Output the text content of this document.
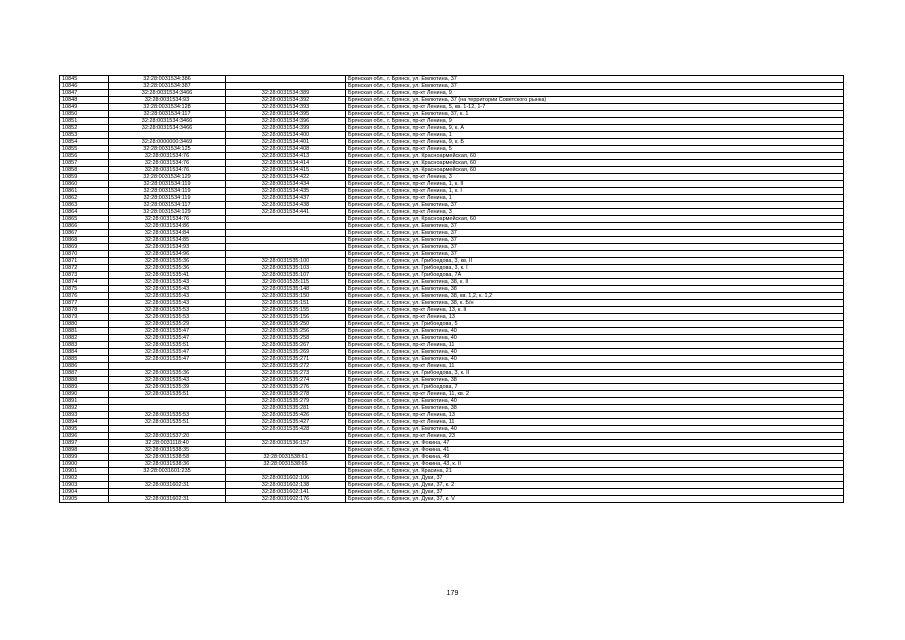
10845	32:28:0031534:386		Брянская обл., г. Брянск, ул. Емлютина, 37
10846	32:28:0031534:387		Брянская обл., г. Брянск, ул. Емлютина, 37
10847	32:28:0031534:3466	32:28:0031534:389	Брянская обл., г. Брянск, пр-кт Ленина, 9
10848	32:28:0031534:93	32:28:0031534:392	Брянская обл., г. Брянск, ул. Емлютина, 37 (на территории Советского рынка)
10849	32:28:0031534:128	32:28:0031534:393	Брянская обл., г. Брянск, пр-кт Ленина, 5, кв. 1-12, 1-7
10850	32:28:0031534:117	32:28:0031534:395	Брянская обл., г. Брянск, ул. Емлютина, 37, к. 1
10851	32:28:0031534:3466	32:28:0031534:396	Брянская обл., г. Брянск, пр-кт Ленина, 9
10852	32:28:0031534:3466	32:28:0031534:399	Брянская обл., г. Брянск, пр-кт Ленина, 9, к. А
10853		32:28:0031534:400	Брянская обл., г. Брянск, пр-кт Ленина, 1
10854	32:28:0000000:3469	32:28:0031534:401	Брянская обл., г. Брянск, пр-кт Ленина, 9, к. Б
10855	32:28:0031534:125	32:28:0031534:408	Брянская обл., г. Брянск, пр-кт Ленина, 5
10856	32:28:0031534:76	32:28:0031534:413	Брянская обл., г. Брянск, ул. Красноармейская, 60
10857	32:28:0031534:76	32:28:0031534:414	Брянская обл., г. Брянск, ул. Красноармейская, 60
10858	32:28:0031534:76	32:28:0031534:415	Брянская обл., г. Брянск, ул. Красноармейская, 60
10859	32:28:0031534:129	32:28:0031534:422	Брянская обл., г. Брянск, пр-кт Ленина, 3
10860	32:28:0031534:119	32:28:0031534:434	Брянская обл., г. Брянск, пр-кт Ленина, 1, к. II
10861	32:28:0031534:119	32:28:0031534:435	Брянская обл., г. Брянск, пр-кт Ленина, 1, к. I
10862	32:28:0031534:119	32:28:0031534:437	Брянская обл., г. Брянск, пр-кт Ленина, 1
10863	32:28:0031534:117	32:28:0031534:438	Брянская обл., г. Брянск, ул. Емлютина, 37
10864	32:28:0031534:129	32:28:0031534:441	Брянская обл., г. Брянск, пр-кт Ленина, 3
10865	32:28:0031534:76		Брянская обл., г. Брянск, ул. Красноармейская, 60
10866	32:28:0031534:86		Брянская обл., г. Брянск, ул. Емлютина, 37
10867	32:28:0031534:84		Брянская обл., г. Брянск, ул. Емлютина, 37
10868	32:28:0031534:85		Брянская обл., г. Брянск, ул. Емлютина, 37
10869	32:28:0031534:93		Брянская обл., г. Брянск, ул. Емлютина, 37
10870	32:28:0031534:96		Брянская обл., г. Брянск, ул. Емлютина, 37
10871	32:28:0031535:36	32:28:0031535:100	Брянская обл., г. Брянск, ул. Грибоедова, 3, кв. II
10872	32:28:0031535:36	32:28:0031535:103	Брянская обл., г. Брянск, ул. Грибоедова, 3, к. I
10873	32:28:0031535:41	32:28:0031535:107	Брянская обл., г. Брянск, ул. Грибоедова, 7А
10874	32:28:0031535:43	32:28:0031535:115	Брянская обл., г. Брянск, ул. Емлютина, 38, к. II
10875	32:28:0031535:43	32:28:0031535:148	Брянская обл., г. Брянск, ул. Емлютина, 38
10876	32:28:0031535:43	32:28:0031535:150	Брянская обл., г. Брянск, ул. Емлютина, 38, кв. 1,2, к. 1,2
10877	32:28:0031535:43	32:28:0031535:151	Брянская обл., г. Брянск, ул. Емлютина, 38, к. Б/н
10878	32:28:0031535:53	32:28:0031535:155	Брянская обл., г. Брянск, пр-кт Ленина, 13, к. II
10879	32:28:0031535:53	32:28:0031535:156	Брянская обл., г. Брянск, пр-кт Ленина, 13
10880	32:28:0031535:29	32:28:0031535:250	Брянская обл., г. Брянск, ул. Грибоедова, 5
10881	32:28:0031535:47	32:28:0031535:256	Брянская обл., г. Брянск, ул. Емлютина, 40
10882	32:28:0031535:47	32:28:0031535:258	Брянская обл., г. Брянск, ул. Емлютина, 40
10883	32:28:0031535:51	32:28:0031535:267	Брянская обл., г. Брянск, пр-кт Ленина, 11
10884	32:28:0031535:47	32:28:0031535:269	Брянская обл., г. Брянск, ул. Емлютина, 40
10885	32:28:0031535:47	32:28:0031535:271	Брянская обл., г. Брянск, ул. Емлютина, 40
10886		32:28:0031535:272	Брянская обл., г. Брянск, пр-кт Ленина, 11
10887	32:28:0031535:36	32:28:0031535:273	Брянская обл., г. Брянск, ул. Грибоедова, 3, к. II
10888	32:28:0031535:43	32:28:0031535:274	Брянская обл., г. Брянск, ул. Емлютина, 38
10889	32:28:0031535:39	32:28:0031535:276	Брянская обл., г. Брянск, ул. Грибоедова, 7
10890	32:28:0031535:51	32:28:0031535:278	Брянская обл., г. Брянск, пр-кт Ленина, 11, кв. 2
10891		32:28:0031535:279	Брянская обл., г. Брянск, ул. Емлютина, 40
10892		32:28:0031535:281	Брянская обл., г. Брянск, ул. Емлютина, 38
10893	32:28:0031535:53	32:28:0031535:426	Брянская обл., г. Брянск, пр-кт Ленина, 13
10894	32:28:0031535:51	32:28:0031535:427	Брянская обл., г. Брянск, пр-кт Ленина, 11
10895		32:28:0031535:428	Брянская обл., г. Брянск, ул. Емлютина, 40
10896	32:28:0031537:20		Брянская обл., г. Брянск, пр-кт Ленина, 23
10897	32:28:0031118:40	32:28:0031536:157	Брянская обл., г. Брянск, ул. Фокина, 47
10898	32:28:0031538:35		Брянская обл., г. Брянск, ул. Фокина, 41
10899	32:28:0031538:58	32:28:0031538:61	Брянская обл., г. Брянск, ул. Фокина, 49
10900	32:28:0031538:36	32:28:0031538:65	Брянская обл., г. Брянск, ул. Фокина, 43, к. II
10901	32:28:0031601:235		Брянская обл., г. Брянск, ул. Красина, 21
10902		32:28:0031602:106	Брянская обл., г. Брянск, ул. Дуки, 37
10903	32:28:0031602:31	32:28:0031602:138	Брянская обл., г. Брянск, ул. Дуки, 37, к. 2
10904		32:28:0031602:141	Брянская обл., г. Брянск, ул. Дуки, 37
10905	32:28:0031602:31	32:28:0031602:176	Брянская обл., г. Брянск, ул. Дуки, 37, к. V
179
